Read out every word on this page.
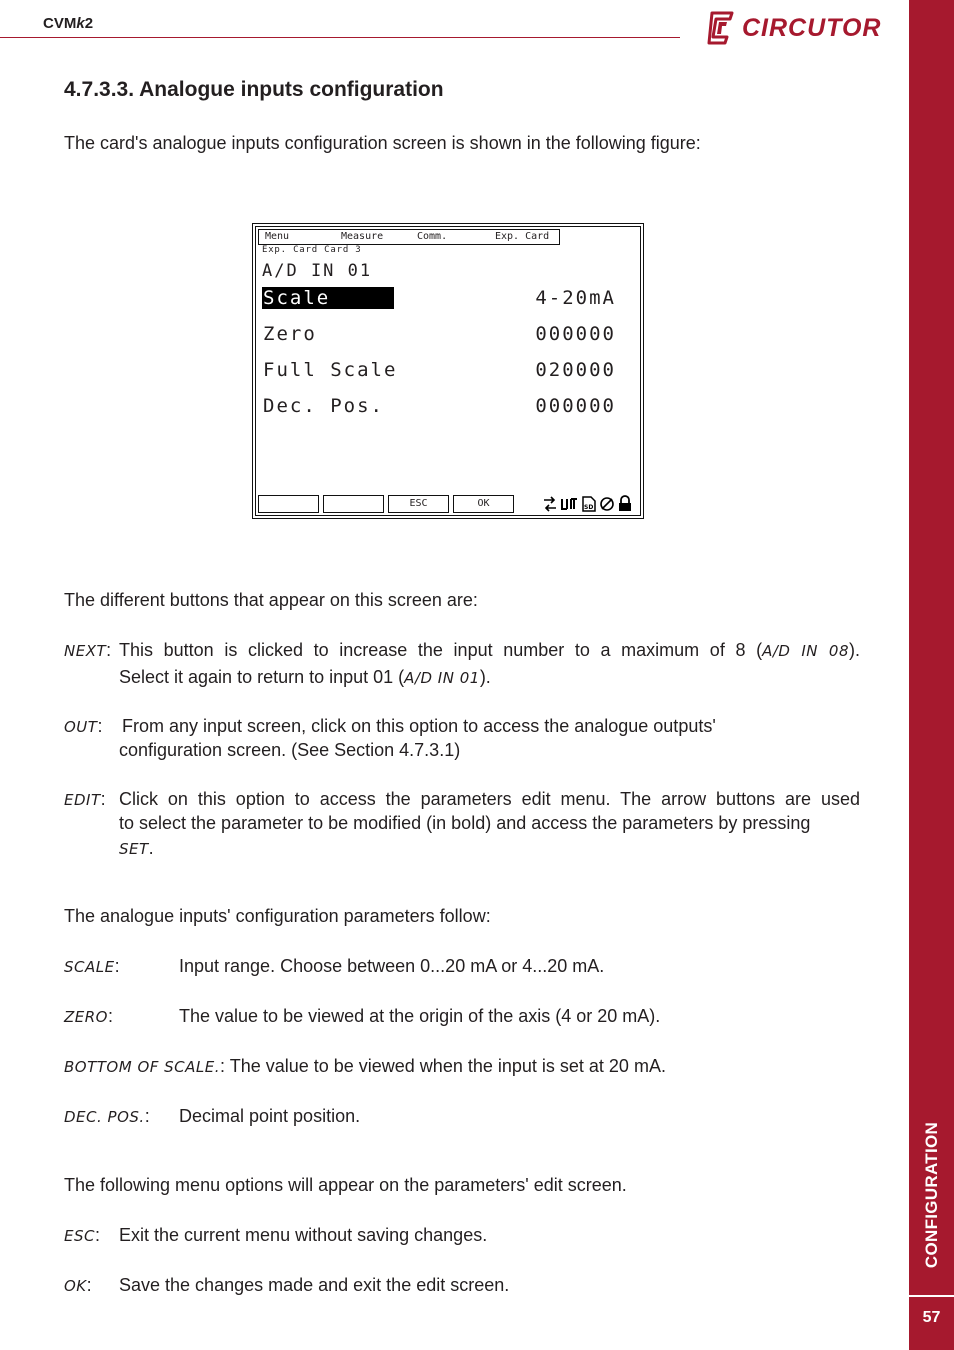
CVMk2	CIRCUTOR
CONFIGURATION
57
4.7.3.3. Analogue inputs configuration
The card's analogue inputs configuration screen is shown in the following figure:
Menu	Measure	Comm.	Exp. Card
Exp. Card Card 3
A/D IN 01
Scale	4-20mA
Zero	000000
Full Scale	020000
Dec. Pos.	000000
ESC	OK	SD
The different buttons that appear on this screen are:
NEXT: This button is clicked to increase the input number to a maximum of 8 (A/D IN 08).
Select it again to return to input 01 (A/D IN 01).
OUT: From any input screen, click on this option to access the analogue outputs'
configuration screen. (See Section 4.7.3.1)
EDIT: Click on this option to access the parameters edit menu. The arrow buttons are used
to select the parameter to be modified (in bold) and access the parameters by pressing
SET.
The analogue inputs' configuration parameters follow:
SCALE:	Input range. Choose between 0...20 mA or 4...20 mA.
ZERO:	The value to be viewed at the origin of the axis (4 or 20 mA).
BOTTOM OF SCALE.: The value to be viewed when the input is set at 20 mA.
DEC. POS.: Decimal point position.
The following menu options will appear on the parameters' edit screen.
ESC: Exit the current menu without saving changes.
OK: Save the changes made and exit the edit screen.
